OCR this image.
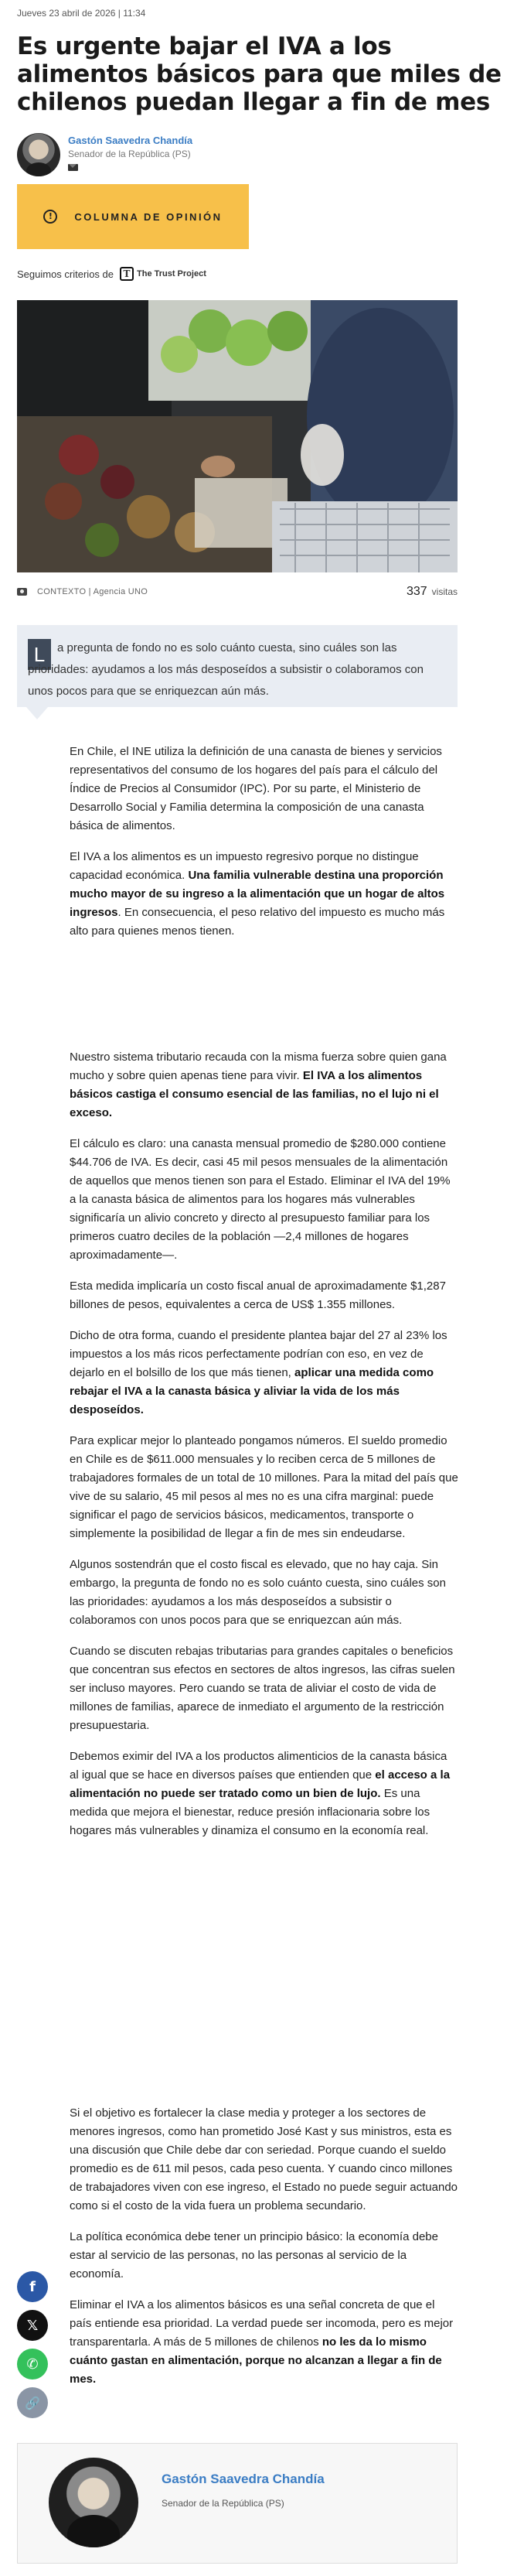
Jueves 23 abril de 2026 | 11:34
Es urgente bajar el IVA a los alimentos básicos para que miles de chilenos puedan llegar a fin de mes
Gastón Saavedra Chandía
Senador de la República (PS)
!	COLUMNA DE OPINIÓN
Seguimos criterios de	T The Trust Project
CONTEXTO | Agencia UNO	337 visitas
L	a pregunta de fondo no es solo cuánto cuesta, sino cuáles son las prioridades: ayudamos a los más desposeídos a subsistir o colaboramos con unos pocos para que se enriquezcan aún más.

En Chile, el INE utiliza la definición de una canasta de bienes y servicios representativos del consumo de los hogares del país para el cálculo del Índice de Precios al Consumidor (IPC). Por su parte, el Ministerio de Desarrollo Social y Familia determina la composición de una canasta básica de alimentos.

El IVA a los alimentos es un impuesto regresivo porque no distingue capacidad económica. Una familia vulnerable destina una proporción mucho mayor de su ingreso a la alimentación que un hogar de altos ingresos. En consecuencia, el peso relativo del impuesto es mucho más alto para quienes menos tienen.

Nuestro sistema tributario recauda con la misma fuerza sobre quien gana mucho y sobre quien apenas tiene para vivir. El IVA a los alimentos básicos castiga el consumo esencial de las familias, no el lujo ni el exceso.

El cálculo es claro: una canasta mensual promedio de $280.000 contiene $44.706 de IVA. Es decir, casi 45 mil pesos mensuales de la alimentación de aquellos que menos tienen son para el Estado. Eliminar el IVA del 19% a la canasta básica de alimentos para los hogares más vulnerables significaría un alivio concreto y directo al presupuesto familiar para los primeros cuatro deciles de la población —2,4 millones de hogares aproximadamente—.

Esta medida implicaría un costo fiscal anual de aproximadamente $1,287 billones de pesos, equivalentes a cerca de US$ 1.355 millones.

Dicho de otra forma, cuando el presidente plantea bajar del 27 al 23% los impuestos a los más ricos perfectamente podrían con eso, en vez de dejarlo en el bolsillo de los que más tienen, aplicar una medida como rebajar el IVA a la canasta básica y aliviar la vida de los más desposeídos.

Para explicar mejor lo planteado pongamos números. El sueldo promedio en Chile es de $611.000 mensuales y lo reciben cerca de 5 millones de trabajadores formales de un total de 10 millones. Para la mitad del país que vive de su salario, 45 mil pesos al mes no es una cifra marginal: puede significar el pago de servicios básicos, medicamentos, transporte o simplemente la posibilidad de llegar a fin de mes sin endeudarse.

Algunos sostendrán que el costo fiscal es elevado, que no hay caja. Sin embargo, la pregunta de fondo no es solo cuánto cuesta, sino cuáles son las prioridades: ayudamos a los más desposeídos a subsistir o colaboramos con unos pocos para que se enriquezcan aún más.

Cuando se discuten rebajas tributarias para grandes capitales o beneficios que concentran sus efectos en sectores de altos ingresos, las cifras suelen ser incluso mayores. Pero cuando se trata de aliviar el costo de vida de millones de familias, aparece de inmediato el argumento de la restricción presupuestaria.

Debemos eximir del IVA a los productos alimenticios de la canasta básica al igual que se hace en diversos países que entienden que el acceso a la alimentación no puede ser tratado como un bien de lujo. Es una medida que mejora el bienestar, reduce presión inflacionaria sobre los hogares más vulnerables y dinamiza el consumo en la economía real.

Si el objetivo es fortalecer la clase media y proteger a los sectores de menores ingresos, como han prometido José Kast y sus ministros, esta es una discusión que Chile debe dar con seriedad. Porque cuando el sueldo promedio es de 611 mil pesos, cada peso cuenta. Y cuando cinco millones de trabajadores viven con ese ingreso, el Estado no puede seguir actuando como si el costo de la vida fuera un problema secundario.

La política económica debe tener un principio básico: la economía debe estar al servicio de las personas, no las personas al servicio de la economía.

Eliminar el IVA a los alimentos básicos es una señal concreta de que el país entiende esa prioridad. La verdad puede ser incomoda, pero es mejor transparentarla. A más de 5 millones de chilenos no les da lo mismo cuánto gastan en alimentación, porque no alcanzan a llegar a fin de mes.

f
𝕏
✆
🔗
Gastón Saavedra Chandía
Senador de la República (PS)
